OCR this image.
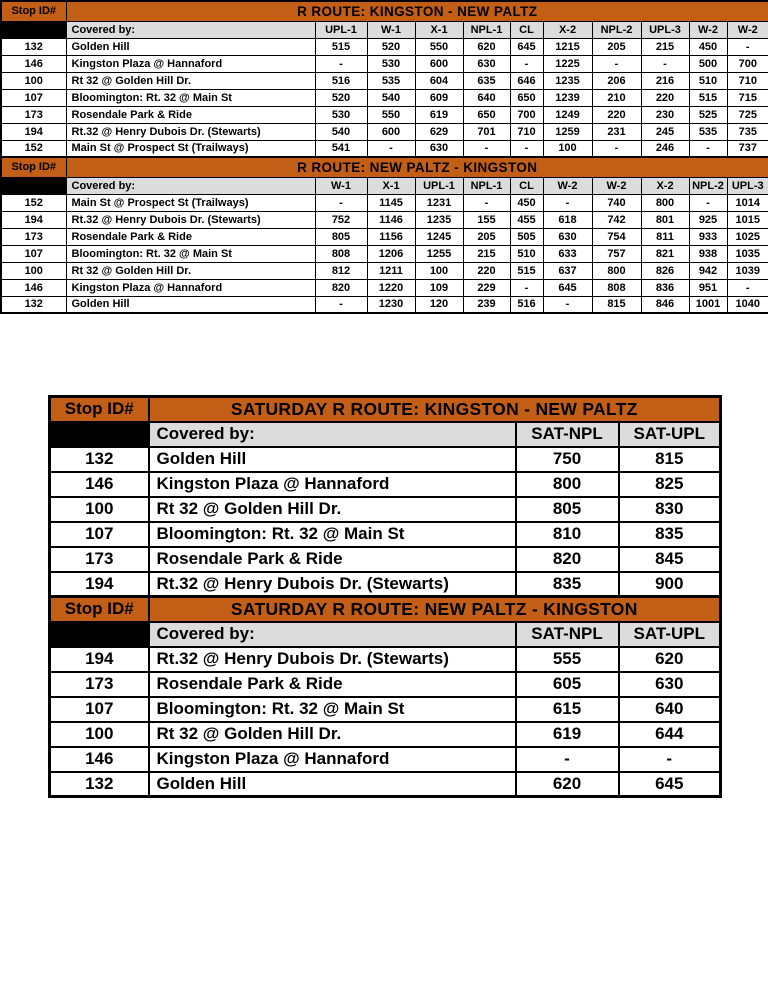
Stop ID#	R ROUTE: KINGSTON - NEW PALTZ										
	Covered by:	UPL-1	W-1	X-1	NPL-1	CL	X-2	NPL-2	UPL-3	W-2	W-2
132	Golden Hill	515	520	550	620	645	1215	205	215	450	-
146	Kingston Plaza @ Hannaford	-	530	600	630	-	1225	-	-	500	700
100	Rt 32 @ Golden Hill Dr.	516	535	604	635	646	1235	206	216	510	710
107	Bloomington: Rt. 32 @ Main St	520	540	609	640	650	1239	210	220	515	715
173	Rosendale Park & Ride	530	550	619	650	700	1249	220	230	525	725
194	Rt.32 @ Henry Dubois Dr. (Stewarts)	540	600	629	701	710	1259	231	245	535	735
152	Main St @ Prospect St (Trailways)	541	-	630	-	-	100	-	246	-	737
Stop ID#	R ROUTE: NEW PALTZ - KINGSTON										
	Covered by:	W-1	X-1	UPL-1	NPL-1	CL	W-2	W-2	X-2	NPL-2	UPL-3
152	Main St @ Prospect St (Trailways)	-	1145	1231	-	450	-	740	800	-	1014
194	Rt.32 @ Henry Dubois Dr. (Stewarts)	752	1146	1235	155	455	618	742	801	925	1015
173	Rosendale Park & Ride	805	1156	1245	205	505	630	754	811	933	1025
107	Bloomington: Rt. 32 @ Main St	808	1206	1255	215	510	633	757	821	938	1035
100	Rt 32 @ Golden Hill Dr.	812	1211	100	220	515	637	800	826	942	1039
146	Kingston Plaza @ Hannaford	820	1220	109	229	-	645	808	836	951	-
132	Golden Hill	-	1230	120	239	516	-	815	846	1001	1040
Stop ID#	SATURDAY R ROUTE: KINGSTON - NEW PALTZ		
	Covered by:	SAT-NPL	SAT-UPL
132	Golden Hill	750	815
146	Kingston Plaza @ Hannaford	800	825
100	Rt 32 @ Golden Hill Dr.	805	830
107	Bloomington: Rt. 32 @ Main St	810	835
173	Rosendale Park & Ride	820	845
194	Rt.32 @ Henry Dubois Dr. (Stewarts)	835	900
Stop ID#	SATURDAY R ROUTE: NEW PALTZ - KINGSTON		
	Covered by:	SAT-NPL	SAT-UPL
194	Rt.32 @ Henry Dubois Dr. (Stewarts)	555	620
173	Rosendale Park & Ride	605	630
107	Bloomington: Rt. 32 @ Main St	615	640
100	Rt 32 @ Golden Hill Dr.	619	644
146	Kingston Plaza @ Hannaford	-	-
132	Golden Hill	620	645
